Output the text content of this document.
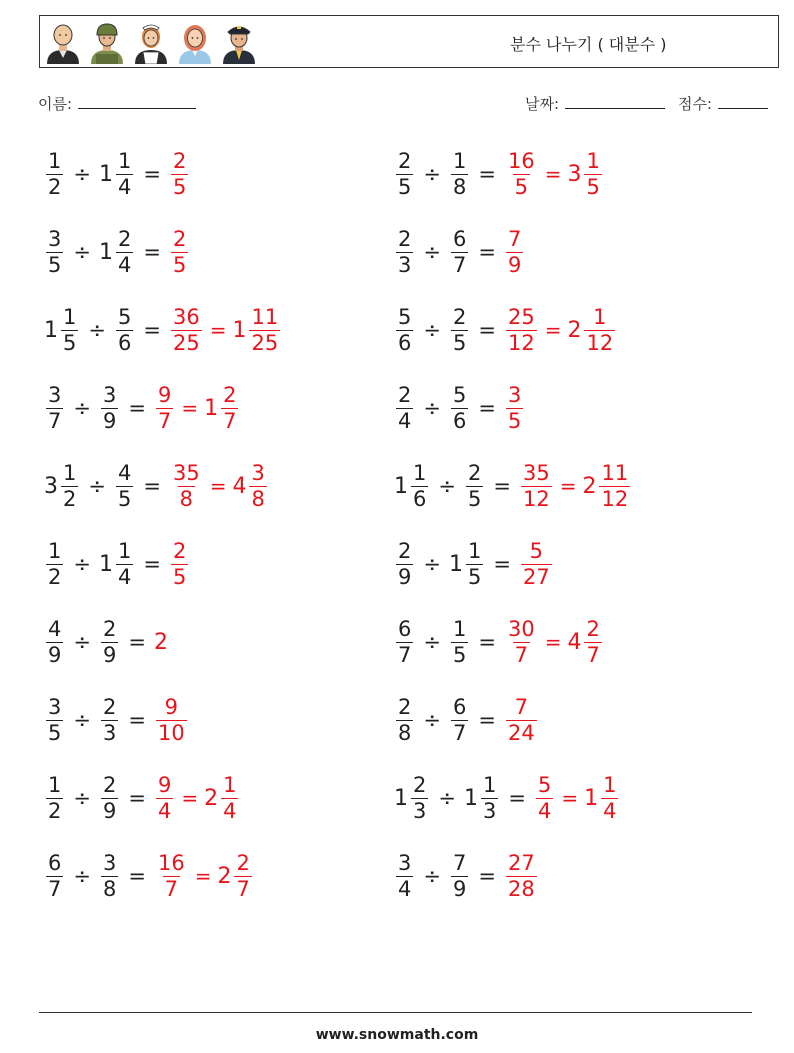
분수 나누기 ( 대분수 )
이름:	날짜:	점수:
$\frac{1}{2} \div 1 \frac{1}{4} = \frac{2}{5}$	$\frac{2}{5} \div \frac{1}{8} = \frac{16}{5} = 3 \frac{1}{5}$
$\frac{3}{5} \div 1 \frac{2}{4} = \frac{2}{5}$	$\frac{2}{3} \div \frac{6}{7} = \frac{7}{9}$
$1 \frac{1}{5} \div \frac{5}{6} = \frac{36}{25} = 1 \frac{11}{25}$	$\frac{5}{6} \div \frac{2}{5} = \frac{25}{12} = 2 \frac{1}{12}$
$\frac{3}{7} \div \frac{3}{9} = \frac{9}{7} = 1 \frac{2}{7}$	$\frac{2}{4} \div \frac{5}{6} = \frac{3}{5}$
$3 \frac{1}{2} \div \frac{4}{5} = \frac{35}{8} = 4 \frac{3}{8}$	$1 \frac{1}{6} \div \frac{2}{5} = \frac{35}{12} = 2 \frac{11}{12}$
$\frac{1}{2} \div 1 \frac{1}{4} = \frac{2}{5}$	$\frac{2}{9} \div 1 \frac{1}{5} = \frac{5}{27}$
$\frac{4}{9} \div \frac{2}{9} = 2$	$\frac{6}{7} \div \frac{1}{5} = \frac{30}{7} = 4 \frac{2}{7}$
$\frac{3}{5} \div \frac{2}{3} = \frac{9}{10}$	$\frac{2}{8} \div \frac{6}{7} = \frac{7}{24}$
$\frac{1}{2} \div \frac{2}{9} = \frac{9}{4} = 2 \frac{1}{4}$	$1 \frac{2}{3} \div 1 \frac{1}{3} = \frac{5}{4} = 1 \frac{1}{4}$
$\frac{6}{7} \div \frac{3}{8} = \frac{16}{7} = 2 \frac{2}{7}$	$\frac{3}{4} \div \frac{7}{9} = \frac{27}{28}$
www.snowmath.com
